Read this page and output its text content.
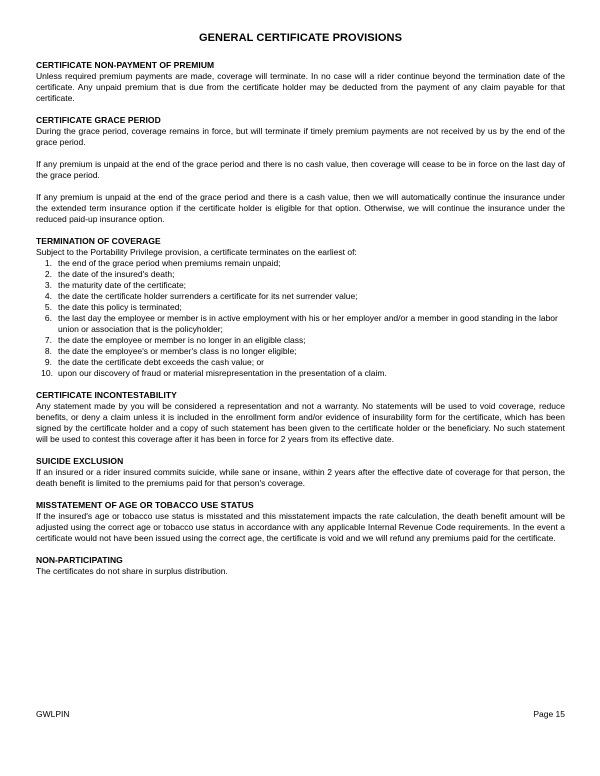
GENERAL CERTIFICATE PROVISIONS
CERTIFICATE NON-PAYMENT OF PREMIUM

Unless required premium payments are made, coverage will terminate. In no case will a rider continue beyond the termination date of the certificate. Any unpaid premium that is due from the certificate holder may be deducted from the payment of any claim payable for that certificate.

CERTIFICATE GRACE PERIOD

During the grace period, coverage remains in force, but will terminate if timely premium payments are not received by us by the end of the grace period.

If any premium is unpaid at the end of the grace period and there is no cash value, then coverage will cease to be in force on the last day of the grace period.

If any premium is unpaid at the end of the grace period and there is a cash value, then we will automatically continue the insurance under the extended term insurance option if the certificate holder is eligible for that option. Otherwise, we will continue the insurance under the reduced paid-up insurance option.

TERMINATION OF COVERAGE

Subject to the Portability Privilege provision, a certificate terminates on the earliest of:

1. the end of the grace period when premiums remain unpaid;
2. the date of the insured's death;
3. the maturity date of the certificate;
4. the date the certificate holder surrenders a certificate for its net surrender value;
5. the date this policy is terminated;
6. the last day the employee or member is in active employment with his or her employer and/or a member in good standing in the labor union or association that is the policyholder;
7. the date the employee or member is no longer in an eligible class;
8. the date the employee's or member's class is no longer eligible;
9. the date the certificate debt exceeds the cash value; or
10. upon our discovery of fraud or material misrepresentation in the presentation of a claim.
CERTIFICATE INCONTESTABILITY

Any statement made by you will be considered a representation and not a warranty. No statements will be used to void coverage, reduce benefits, or deny a claim unless it is included in the enrollment form and/or evidence of insurability form for the certificate, which has been signed by the certificate holder and a copy of such statement has been given to the certificate holder or the beneficiary. No such statement will be used to contest this coverage after it has been in force for 2 years from its effective date.

SUICIDE EXCLUSION

If an insured or a rider insured commits suicide, while sane or insane, within 2 years after the effective date of coverage for that person, the death benefit is limited to the premiums paid for that person's coverage.

MISSTATEMENT OF AGE OR TOBACCO USE STATUS

If the insured's age or tobacco use status is misstated and this misstatement impacts the rate calculation, the death benefit amount will be adjusted using the correct age or tobacco use status in accordance with any applicable Internal Revenue Code requirements. In the event a certificate would not have been issued using the correct age, the certificate is void and we will refund any premiums paid for the certificate.

NON-PARTICIPATING

The certificates do not share in surplus distribution.

GWLPIN	Page 15
